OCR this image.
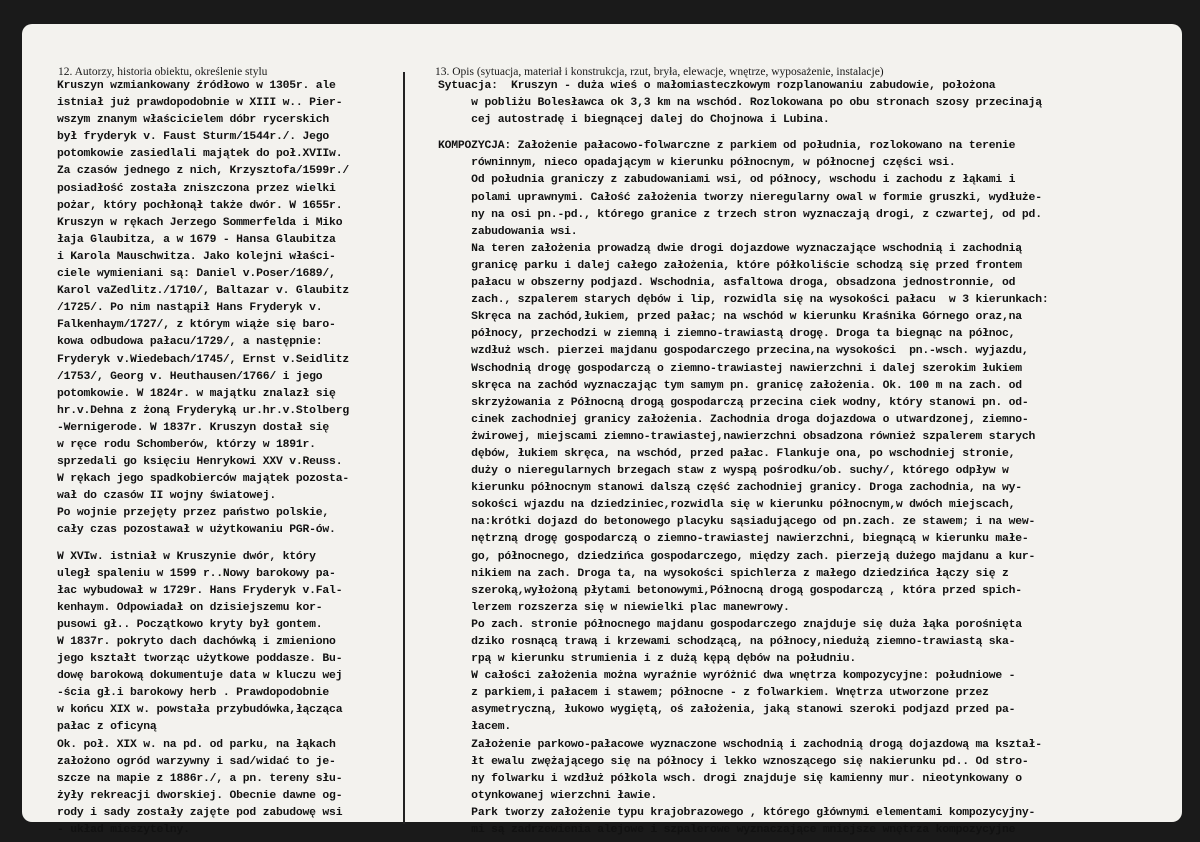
12. Autorzy, historia obiektu, określenie stylu	13. Opis (sytuacja, materiał i konstrukcja, rzut, bryła, elewacje, wnętrze, wyposażenie, instalacje)
Kruszyn wzmiankowany źródłowo w 1305r. ale
istniał już prawdopodobnie w XIII w.. Pier-
wszym znanym właścicielem dóbr rycerskich
był fryderyk v. Faust Sturm/1544r./. Jego
potomkowie zasiedlali majątek do poł.XVIIw.
Za czasów jednego z nich, Krzysztofa/1599r./
posiadłość została zniszczona przez wielki
pożar, który pochłonął także dwór. W 1655r.
Kruszyn w rękach Jerzego Sommerfelda i Miko
łaja Glaubitza, a w 1679 - Hansa Glaubitza
i Karola Mauschwitza. Jako kolejni właści-
ciele wymieniani są: Daniel v.Poser/1689/,
Karol vaZedlitz./1710/, Baltazar v. Glaubitz
/1725/. Po nim nastąpił Hans Fryderyk v.
Falkenhaym/1727/, z którym wiąże się baro-
kowa odbudowa pałacu/1729/, a następnie:
Fryderyk v.Wiedebach/1745/, Ernst v.Seidlitz
/1753/, Georg v. Heuthausen/1766/ i jego
potomkowie. W 1824r. w majątku znalazł się
hr.v.Dehna z żoną Fryderyką ur.hr.v.Stolberg
-Wernigerode. W 1837r. Kruszyn dostał się
w ręce rodu Schomberów, którzy w 1891r.
sprzedali go księciu Henrykowi XXV v.Reuss.
W rękach jego spadkobierców majątek pozosta-
wał do czasów II wojny światowej.
Po wojnie przejęty przez państwo polskie,
cały czas pozostawał w użytkowaniu PGR-ów.
W XVIw. istniał w Kruszynie dwór, który
uległ spaleniu w 1599 r..Nowy barokowy pa-
łac wybudował w 1729r. Hans Fryderyk v.Fal-
kenhaym. Odpowiadał on dzisiejszemu kor-
pusowi gł.. Początkowo kryty był gontem.
W 1837r. pokryto dach dachówką i zmieniono
jego kształt tworząc użytkowe poddasze. Bu-
dowę barokową dokumentuje data w kluczu wej
-ścia gł.i barokowy herb . Prawdopodobnie
w końcu XIX w. powstała przybudówka,łącząca
pałac z oficyną
Ok. poł. XIX w. na pd. od parku, na łąkach
założono ogród warzywny i sad/widać to je-
szcze na mapie z 1886r./, a pn. tereny słu-
żyły rekreacji dworskiej. Obecnie dawne og-
rody i sady zostały zajęte pod zabudowę wsi
- układ mieszytelny.
Sytuacja:  Kruszyn - duża wieś o małomiasteczkowym rozplanowaniu zabudowie, położona
w pobliżu Bolesławca ok 3,3 km na wschód. Rozlokowana po obu stronach szosy przecinają
cej autostradę i biegnącej dalej do Chojnowa i Lubina.
KOMPOZYCJA: Założenie pałacowo-folwarczne z parkiem od południa, rozlokowano na terenie
równinnym, nieco opadającym w kierunku północnym, w północnej części wsi.
Od południa graniczy z zabudowaniami wsi, od północy, wschodu i zachodu z łąkami i
polami uprawnymi. Całość założenia tworzy nieregularny owal w formie gruszki, wydłuże-
ny na osi pn.-pd., którego granice z trzech stron wyznaczają drogi, z czwartej, od pd.
zabudowania wsi.
Na teren założenia prowadzą dwie drogi dojazdowe wyznaczające wschodnią i zachodnią
granicę parku i dalej całego założenia, które półkoliście schodzą się przed frontem
pałacu w obszerny podjazd. Wschodnia, asfaltowa droga, obsadzona jednostronnie, od
zach., szpalerem starych dębów i lip, rozwidla się na wysokości pałacu  w 3 kierunkach:
Skręca na zachód,łukiem, przed pałac; na wschód w kierunku Kraśnika Górnego oraz,na
północy, przechodzi w ziemną i ziemno-trawiastą drogę. Droga ta biegnąc na północ,
wzdłuż wsch. pierzei majdanu gospodarczego przecina,na wysokości  pn.-wsch. wyjazdu,
Wschodnią drogę gospodarczą o ziemno-trawiastej nawierzchni i dalej szerokim łukiem
skręca na zachód wyznaczając tym samym pn. granicę założenia. Ok. 100 m na zach. od
skrzyżowania z Północną drogą gospodarczą przecina ciek wodny, który stanowi pn. od-
cinek zachodniej granicy założenia. Zachodnia droga dojazdowa o utwardzonej, ziemno-
żwirowej, miejscami ziemno-trawiastej,nawierzchni obsadzona również szpalerem starych
dębów, łukiem skręca, na wschód, przed pałac. Flankuje ona, po wschodniej stronie,
duży o nieregularnych brzegach staw z wyspą pośrodku/ob. suchy/, którego odpływ w
kierunku północnym stanowi dalszą część zachodniej granicy. Droga zachodnia, na wy-
sokości wjazdu na dziedziniec,rozwidla się w kierunku północnym,w dwóch miejscach,
na:krótki dojazd do betonowego placyku sąsiadującego od pn.zach. ze stawem; i na wew-
nętrzną drogę gospodarczą o ziemno-trawiastej nawierzchni, biegnącą w kierunku małe-
go, północnego, dziedzińca gospodarczego, między zach. pierzeją dużego majdanu a kur-
nikiem na zach. Droga ta, na wysokości spichlerza z małego dziedzińca łączy się z
szeroką,wyłożoną płytami betonowymi,Północną drogą gospodarczą , która przed spich-
lerzem rozszerza się w niewielki plac manewrowy.
Po zach. stronie północnego majdanu gospodarczego znajduje się duża łąka porośnięta
dziko rosnącą trawą i krzewami schodzącą, na północy,niedużą ziemno-trawiastą ska-
rpą w kierunku strumienia i z dużą kępą dębów na południu.
W całości założenia można wyraźnie wyróżnić dwa wnętrza kompozycyjne: południowe -
z parkiem,i pałacem i stawem; północne - z folwarkiem. Wnętrza utworzone przez
asymetryczną, łukowo wygiętą, oś założenia, jaką stanowi szeroki podjazd przed pa-
łacem.
Założenie parkowo-pałacowe wyznaczone wschodnią i zachodnią drogą dojazdową ma kształ-
łt ewalu zwężającego się na północy i lekko wznoszącego się nakierunku pd.. Od stro-
ny folwarku i wzdłuż półkola wsch. drogi znajduje się kamienny mur. nieotynkowany o
otynkowanej wierzchni ławie.
Park tworzy założenie typu krajobrazowego , którego głównymi elementami kompozycyjny-
mi są zadrzewienia alejowe i szpalerowe wyznaczające mniejsze wnętrza kompozycyjne
